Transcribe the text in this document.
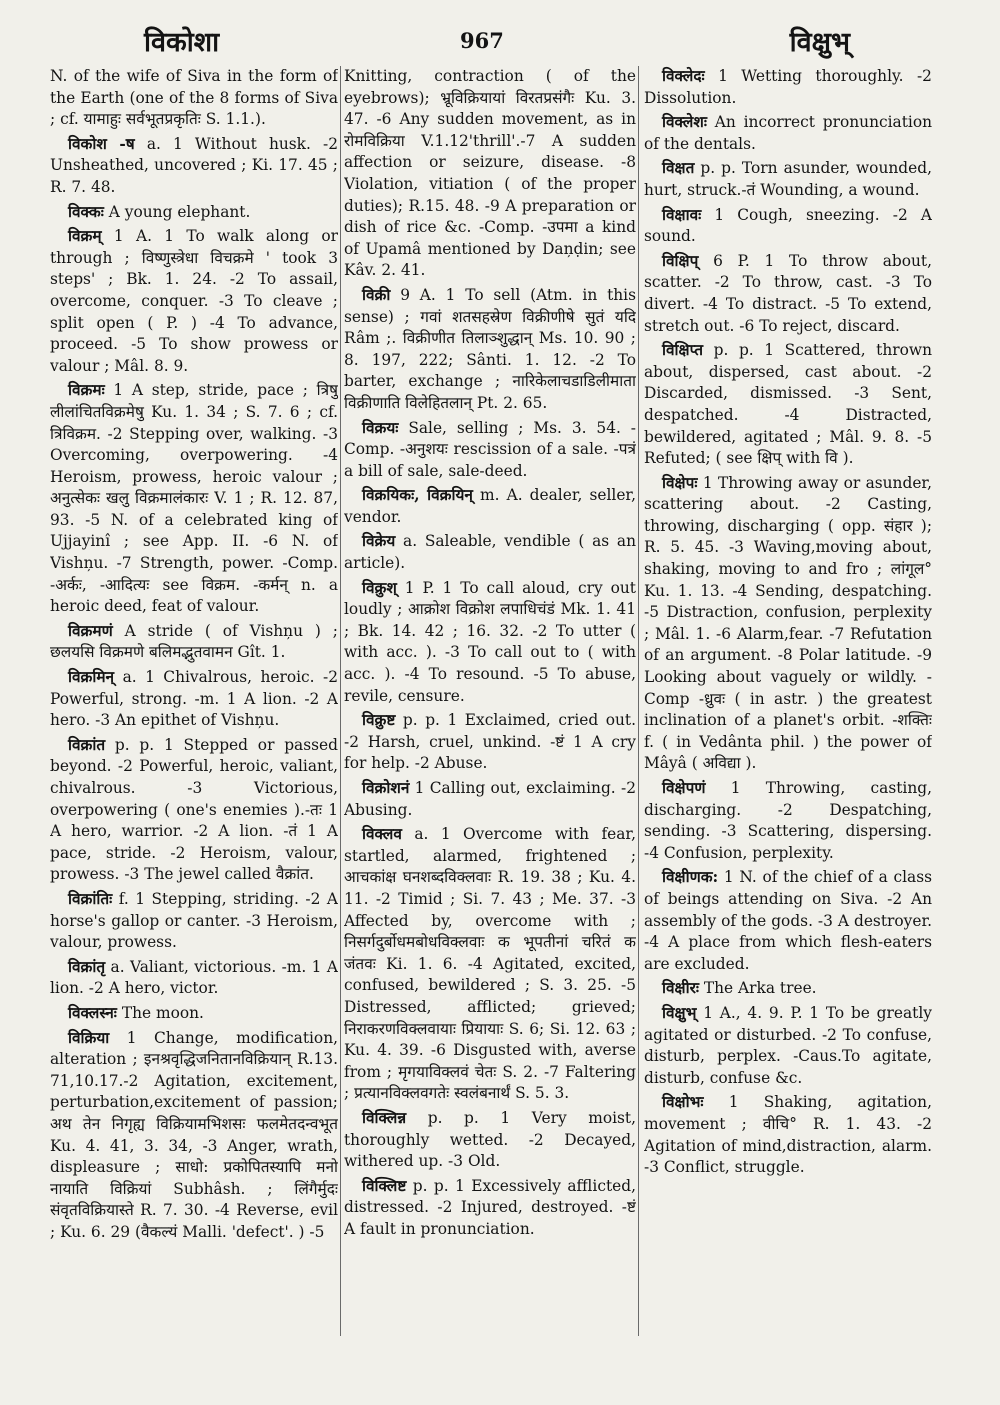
विकोशा	967	विक्षुभ्

N. of the wife of Siva in the form of the Earth (one of the 8 forms of Siva ; cf. यामाहुः सर्वभूतप्रकृतिः S. 1.1.).

विकोश -ष a. 1 Without husk. -2 Unsheathed, uncovered ; Ki. 17. 45 ; R. 7. 48.

विक्कः A young elephant.

विक्रम् 1 A. 1 To walk along or through ; विष्णुस्त्रेधा विचक्रमे ' took 3 steps' ; Bk. 1. 24. -2 To assail, overcome, conquer. -3 To cleave ; split open ( P. ) -4 To advance, proceed. -5 To show prowess or valour ; Mâl. 8. 9.

विक्रमः 1 A step, stride, pace ; त्रिषु लीलांचितविक्रमेषु Ku. 1. 34 ; S. 7. 6 ; cf. त्रिविक्रम. -2 Stepping over, walking. -3 Overcoming, overpowering. -4 Heroism, prowess, heroic valour ; अनुत्सेकः खलु विक्रमालंकारः V. 1 ; R. 12. 87, 93. -5 N. of a celebrated king of Ujjayinî ; see App. II. -6 N. of Vishņu. -7 Strength, power. -Comp. -अर्कः, -आदित्यः see विक्रम. -कर्मन् n. a heroic deed, feat of valour.

विक्रमणं A stride ( of Vishņu ) ; छलयसि विक्रमणे बलिमद्भुतवामन Gît. 1.

विक्रमिन् a. 1 Chivalrous, heroic. -2 Powerful, strong. -m. 1 A lion. -2 A hero. -3 An epithet of Vishņu.

विक्रांत p. p. 1 Stepped or passed beyond. -2 Powerful, heroic, valiant, chivalrous. -3 Victorious, overpowering ( one's enemies ).-तः 1 A hero, warrior. -2 A lion. -तं 1 A pace, stride. -2 Heroism, valour, prowess. -3 The jewel called वैक्रांत.

विक्रांतिः f. 1 Stepping, striding. -2 A horse's gallop or canter. -3 Heroism, valour, prowess.

विक्रांतृ a. Valiant, victorious. -m. 1 A lion. -2 A hero, victor.

विक्लस्नः The moon.

विक्रिया 1 Change, modification, alteration ; इनश्रवृद्धिजनितानविक्रियान् R.13. 71,10.17.-2 Agitation, excitement, perturbation,excitement of passion; अथ तेन निगृह्य विक्रियामभिशसः फलमेतदन्वभूत Ku. 4. 41, 3. 34, -3 Anger, wrath, displeasure ; साधो: प्रकोपितस्यापि मनो नायाति विक्रियां Subhâsh. ; लिंगैर्मुदः संवृतविक्रियास्ते R. 7. 30. -4 Reverse, evil ; Ku. 6. 29 (वैकल्यं Malli. 'defect'. ) -5

Knitting, contraction ( of the eyebrows); भ्रूविक्रियायां विरतप्रसंगैः Ku. 3. 47. -6 Any sudden movement, as in रोमविक्रिया V.1.12'thrill'.-7 A sudden affection or seizure, disease. -8 Violation, vitiation ( of the proper duties); R.15. 48. -9 A preparation or dish of rice &c. -Comp. -उपमा a kind of Upamâ mentioned by Daņḍin; see Kâv. 2. 41.

विक्री 9 A. 1 To sell (Atm. in this sense) ; गवां शतसहस्रेण विक्रीणीषे सुतं यदि Râm ;. विक्रीणीत तिलाञ्शुद्धान् Ms. 10. 90 ; 8. 197, 222; Sânti. 1. 12. -2 To barter, exchange ; नारिकेलाचडाडिलीमाता विक्रीणाति विलेहितलान् Pt. 2. 65.

विक्रयः Sale, selling ; Ms. 3. 54. -Comp. -अनुशयः rescission of a sale. -पत्रं a bill of sale, sale-deed.

विक्रयिकः, विक्रयिन् m. A. dealer, seller, vendor.

विक्रेय a. Saleable, vendible ( as an article).

विक्रुश् 1 P. 1 To call aloud, cry out loudly ; आक्रोश विक्रोश लपाधिचंडं Mk. 1. 41 ; Bk. 14. 42 ; 16. 32. -2 To utter ( with acc. ). -3 To call out to ( with acc. ). -4 To resound. -5 To abuse, revile, censure.

विक्रुष्ट p. p. 1 Exclaimed, cried out. -2 Harsh, cruel, unkind. -ष्टं 1 A cry for help. -2 Abuse.

विक्रोशनं 1 Calling out, exclaiming. -2 Abusing.

विक्लव a. 1 Overcome with fear, startled, alarmed, frightened ; आचकांक्ष घनशब्दविक्लवाः R. 19. 38 ; Ku. 4. 11. -2 Timid ; Si. 7. 43 ; Me. 37. -3 Affected by, overcome with ; निसर्गदुर्बोधमबोधविक्लवाः क भूपतीनां चरितं क जंतवः Ki. 1. 6. -4 Agitated, excited, confused, bewildered ; S. 3. 25. -5 Distressed, afflicted; grieved; निराकरणविक्लवायाः प्रियायाः S. 6; Si. 12. 63 ; Ku. 4. 39. -6 Disgusted with, averse from ; मृगयाविक्लवं चेतः S. 2. -7 Faltering ; प्रत्यानविक्लवगतेः स्वलंबनार्थं S. 5. 3.

विक्लिन्न p. p. 1 Very moist, thoroughly wetted. -2 Decayed, withered up. -3 Old.

विक्लिष्ट p. p. 1 Excessively afflicted, distressed. -2 Injured, destroyed. -ष्टं A fault in pronunciation.

विक्लेदः 1 Wetting thoroughly. -2 Dissolution.

विक्लेशः An incorrect pronunciation of the dentals.

विक्षत p. p. Torn asunder, wounded, hurt, struck.-तं Wounding, a wound.

विक्षावः 1 Cough, sneezing. -2 A sound.

विक्षिप् 6 P. 1 To throw about, scatter. -2 To throw, cast. -3 To divert. -4 To distract. -5 To extend, stretch out. -6 To reject, discard.

विक्षिप्त p. p. 1 Scattered, thrown about, dispersed, cast about. -2 Discarded, dismissed. -3 Sent, despatched. -4 Distracted, bewildered, agitated ; Mâl. 9. 8. -5 Refuted; ( see क्षिप् with वि ).

विक्षेपः 1 Throwing away or asunder, scattering about. -2 Casting, throwing, discharging ( opp. संहार ); R. 5. 45. -3 Waving,moving about, shaking, moving to and fro ; लांगूल° Ku. 1. 13. -4 Sending, despatching. -5 Distraction, confusion, perplexity ; Mâl. 1. -6 Alarm,fear. -7 Refutation of an argument. -8 Polar latitude. -9 Looking about vaguely or wildly. -Comp -ध्रुवः ( in astr. ) the greatest inclination of a planet's orbit. -शक्तिः f. ( in Vedânta phil. ) the power of Mâyâ ( अविद्या ).

विक्षेपणं 1 Throwing, casting, discharging. -2 Despatching, sending. -3 Scattering, dispersing. -4 Confusion, perplexity.

विक्षीणक: 1 N. of the chief of a class of beings attending on Siva. -2 An assembly of the gods. -3 A destroyer. -4 A place from which flesh-eaters are excluded.

विक्षीरः The Arka tree.

विक्षुभ् 1 A., 4. 9. P. 1 To be greatly agitated or disturbed. -2 To confuse, disturb, perplex. -Caus.To agitate, disturb, confuse &c.

विक्षोभः 1 Shaking, agitation, movement ; वीचि° R. 1. 43. -2 Agitation of mind,distraction, alarm. -3 Conflict, struggle.
